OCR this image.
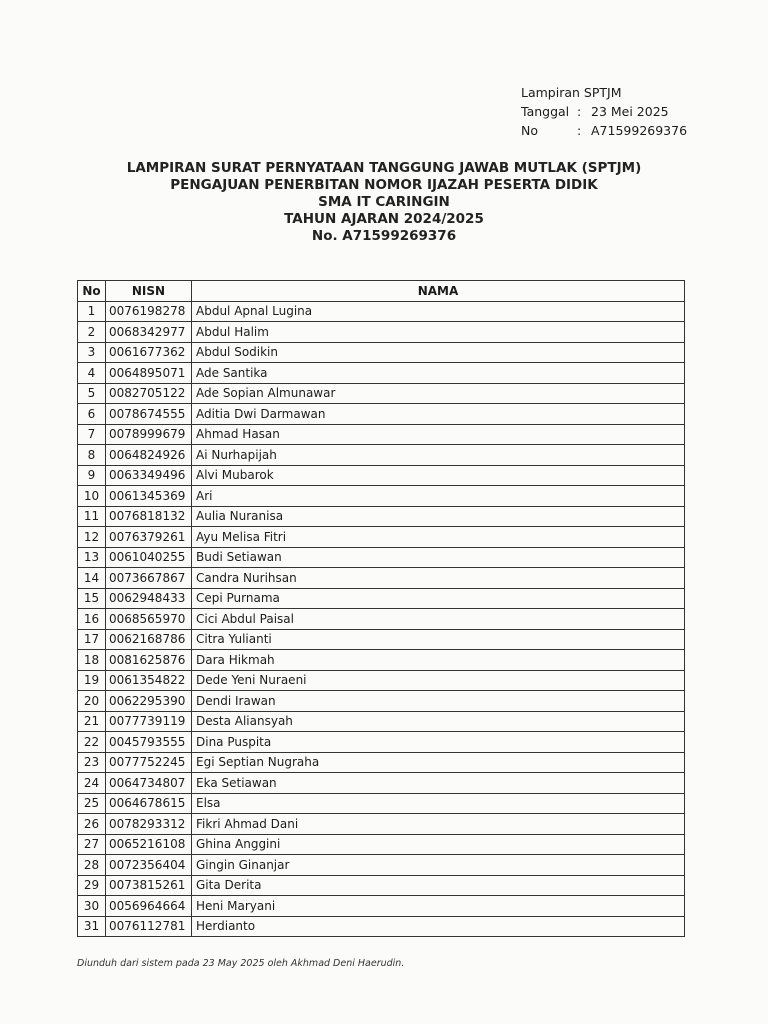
Lampiran SPTJM
Tanggal : 23 Mei 2025
No	: A71599269376
LAMPIRAN SURAT PERNYATAAN TANGGUNG JAWAB MUTLAK (SPTJM)
PENGAJUAN PENERBITAN NOMOR IJAZAH PESERTA DIDIK
SMA IT CARINGIN
TAHUN AJARAN 2024/2025
No. A71599269376
No	NISN	NAMA
1	0076198278	Abdul Apnal Lugina
2	0068342977	Abdul Halim
3	0061677362	Abdul Sodikin
4	0064895071	Ade Santika
5	0082705122	Ade Sopian Almunawar
6	0078674555	Aditia Dwi Darmawan
7	0078999679	Ahmad Hasan
8	0064824926	Ai Nurhapijah
9	0063349496	Alvi Mubarok
10	0061345369	Ari
11	0076818132	Aulia Nuranisa
12	0076379261	Ayu Melisa Fitri
13	0061040255	Budi Setiawan
14	0073667867	Candra Nurihsan
15	0062948433	Cepi Purnama
16	0068565970	Cici Abdul Paisal
17	0062168786	Citra Yulianti
18	0081625876	Dara Hikmah
19	0061354822	Dede Yeni Nuraeni
20	0062295390	Dendi Irawan
21	0077739119	Desta Aliansyah
22	0045793555	Dina Puspita
23	0077752245	Egi Septian Nugraha
24	0064734807	Eka Setiawan
25	0064678615	Elsa
26	0078293312	Fikri Ahmad Dani
27	0065216108	Ghina Anggini
28	0072356404	Gingin Ginanjar
29	0073815261	Gita Derita
30	0056964664	Heni Maryani
31	0076112781	Herdianto
Diunduh dari sistem pada 23 May 2025 oleh Akhmad Deni Haerudin.
